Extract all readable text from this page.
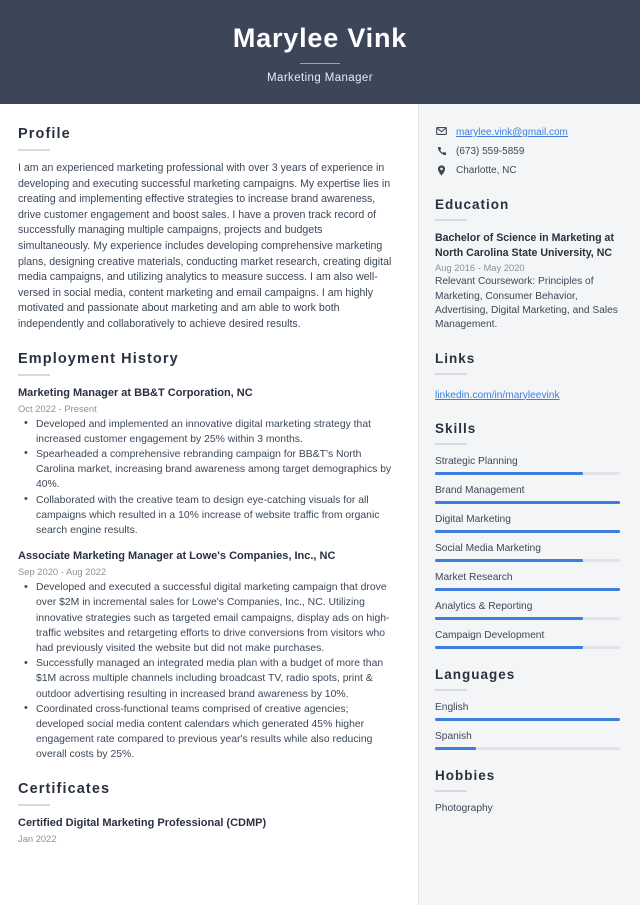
Marylee Vink
Marketing Manager
Profile
I am an experienced marketing professional with over 3 years of experience in developing and executing successful marketing campaigns. My expertise lies in creating and implementing effective strategies to increase brand awareness, drive customer engagement and boost sales. I have a proven track record of successfully managing multiple campaigns, projects and budgets simultaneously. My experience includes developing comprehensive marketing plans, designing creative materials, conducting market research, creating digital media campaigns, and utilizing analytics to measure success. I am also well-versed in social media, content marketing and email campaigns. I am highly motivated and passionate about marketing and am able to work both independently and collaboratively to achieve desired results.
Employment History
Marketing Manager at BB&T Corporation, NC
Oct 2022 - Present
• Developed and implemented an innovative digital marketing strategy that increased customer engagement by 25% within 3 months.
• Spearheaded a comprehensive rebranding campaign for BB&T's North Carolina market, increasing brand awareness among target demographics by 40%.
• Collaborated with the creative team to design eye-catching visuals for all campaigns which resulted in a 10% increase of website traffic from organic search engine results.
Associate Marketing Manager at Lowe's Companies, Inc., NC
Sep 2020 - Aug 2022
• Developed and executed a successful digital marketing campaign that drove over $2M in incremental sales for Lowe's Companies, Inc., NC. Utilizing innovative strategies such as targeted email campaigns, display ads on high-traffic websites and retargeting efforts to drive conversions from visitors who had previously visited the website but did not make purchases.
• Successfully managed an integrated media plan with a budget of more than $1M across multiple channels including broadcast TV, radio spots, print & outdoor advertising resulting in increased brand awareness by 10%.
• Coordinated cross-functional teams comprised of creative agencies; developed social media content calendars which generated 45% higher engagement rate compared to previous year's results while also reducing overall costs by 25%.
Certificates
Certified Digital Marketing Professional (CDMP)
Jan 2022
marylee.vink@gmail.com
(673) 559-5859
Charlotte, NC
Education
Bachelor of Science in Marketing at North Carolina State University, NC
Aug 2016 - May 2020
Relevant Coursework: Principles of Marketing, Consumer Behavior, Advertising, Digital Marketing, and Sales Management.
Links
linkedin.com/in/maryleevink
Skills
Strategic Planning
Brand Management
Digital Marketing
Social Media Marketing
Market Research
Analytics & Reporting
Campaign Development
Languages
English
Spanish
Hobbies
Photography
